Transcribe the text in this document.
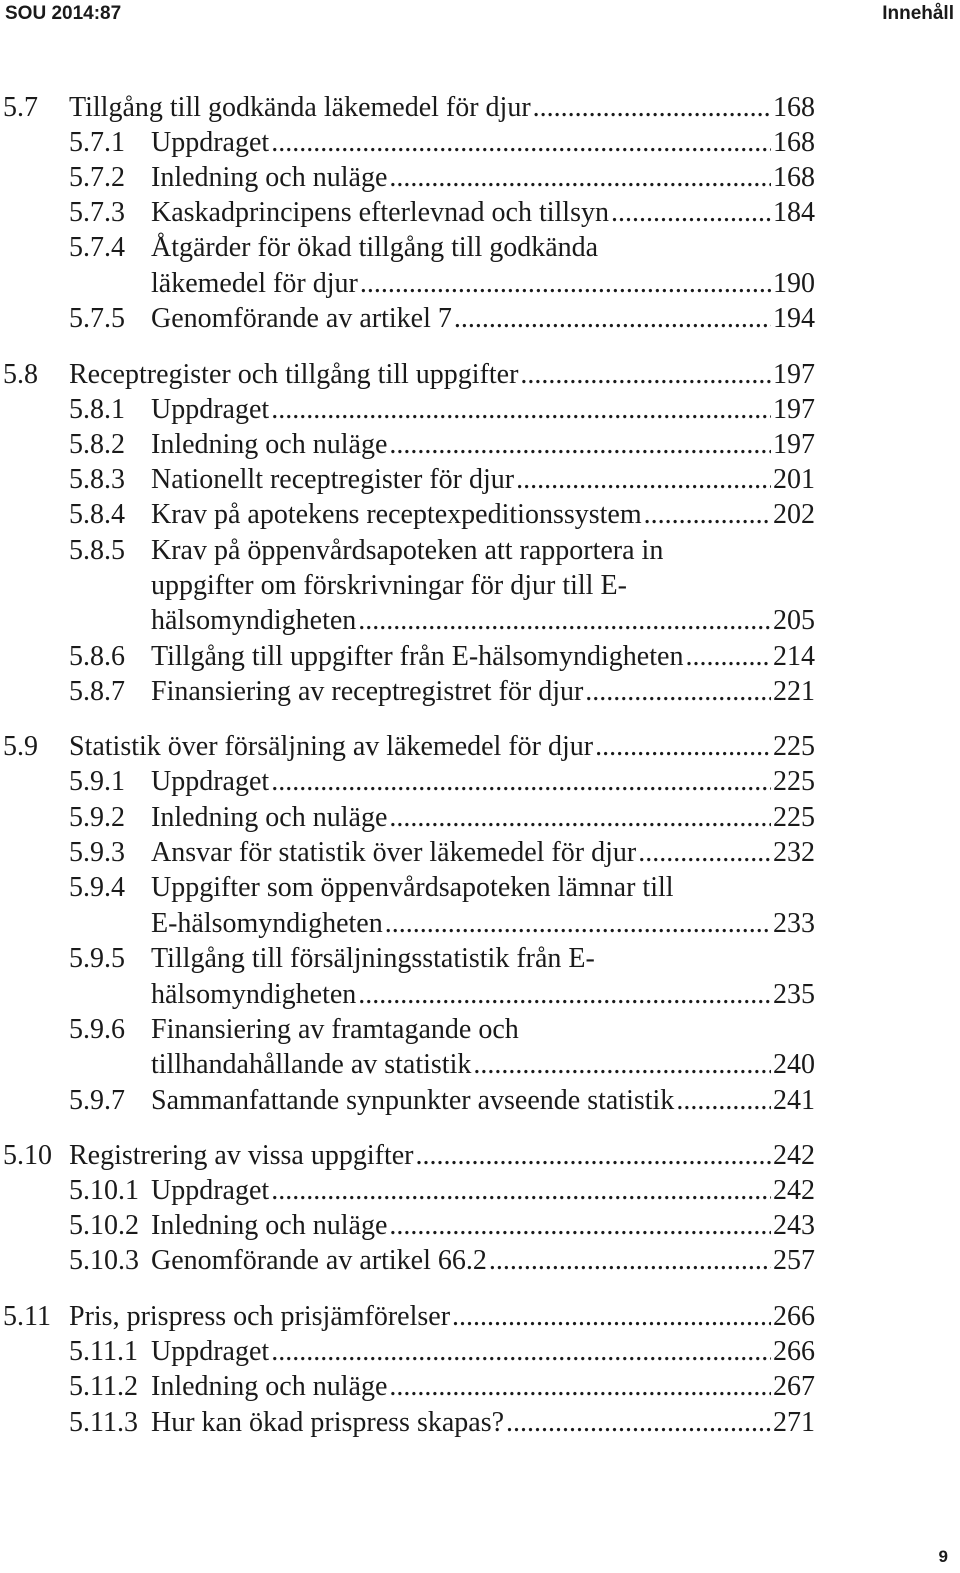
SOU 2014:87	Innehåll
5.7	Tillgång till godkända läkemedel för djur .....	168
5.7.1 Uppdraget .....	168
5.7.2 Inledning och nuläge .....	168
5.7.3 Kaskadprincipens efterlevnad och tillsyn .....	184
5.7.4 Åtgärder för ökad tillgång till godkända
läkemedel för djur .....	190
5.7.5 Genomförande av artikel 7 .....	194
5.8	Receptregister och tillgång till uppgifter .....	197
5.8.1 Uppdraget .....	197
5.8.2 Inledning och nuläge .....	197
5.8.3 Nationellt receptregister för djur .....	201
5.8.4 Krav på apotekens receptexpeditionssystem .....	202
5.8.5 Krav på öppenvårdsapoteken att rapportera in
uppgifter om förskrivningar för djur till E-
hälsomyndigheten .....	205
5.8.6 Tillgång till uppgifter från E-hälsomyndigheten .....	214
5.8.7 Finansiering av receptregistret för djur .....	221
5.9	Statistik över försäljning av läkemedel för djur .....	225
5.9.1 Uppdraget .....	225
5.9.2 Inledning och nuläge .....	225
5.9.3 Ansvar för statistik över läkemedel för djur .....	232
5.9.4 Uppgifter som öppenvårdsapoteken lämnar till
E-hälsomyndigheten .....	233
5.9.5 Tillgång till försäljningsstatistik från E-
hälsomyndigheten .....	235
5.9.6 Finansiering av framtagande och
tillhandahållande av statistik .....	240
5.9.7 Sammanfattande synpunkter avseende statistik .....	241
5.10 Registrering av vissa uppgifter .....	242
5.10.1 Uppdraget .....	242
5.10.2 Inledning och nuläge .....	243
5.10.3 Genomförande av artikel 66.2 .....	257
5.11 Pris, prispress och prisjämförelser .....	266
5.11.1 Uppdraget .....	266
5.11.2 Inledning och nuläge .....	267
5.11.3 Hur kan ökad prispress skapas? .....	271
9
